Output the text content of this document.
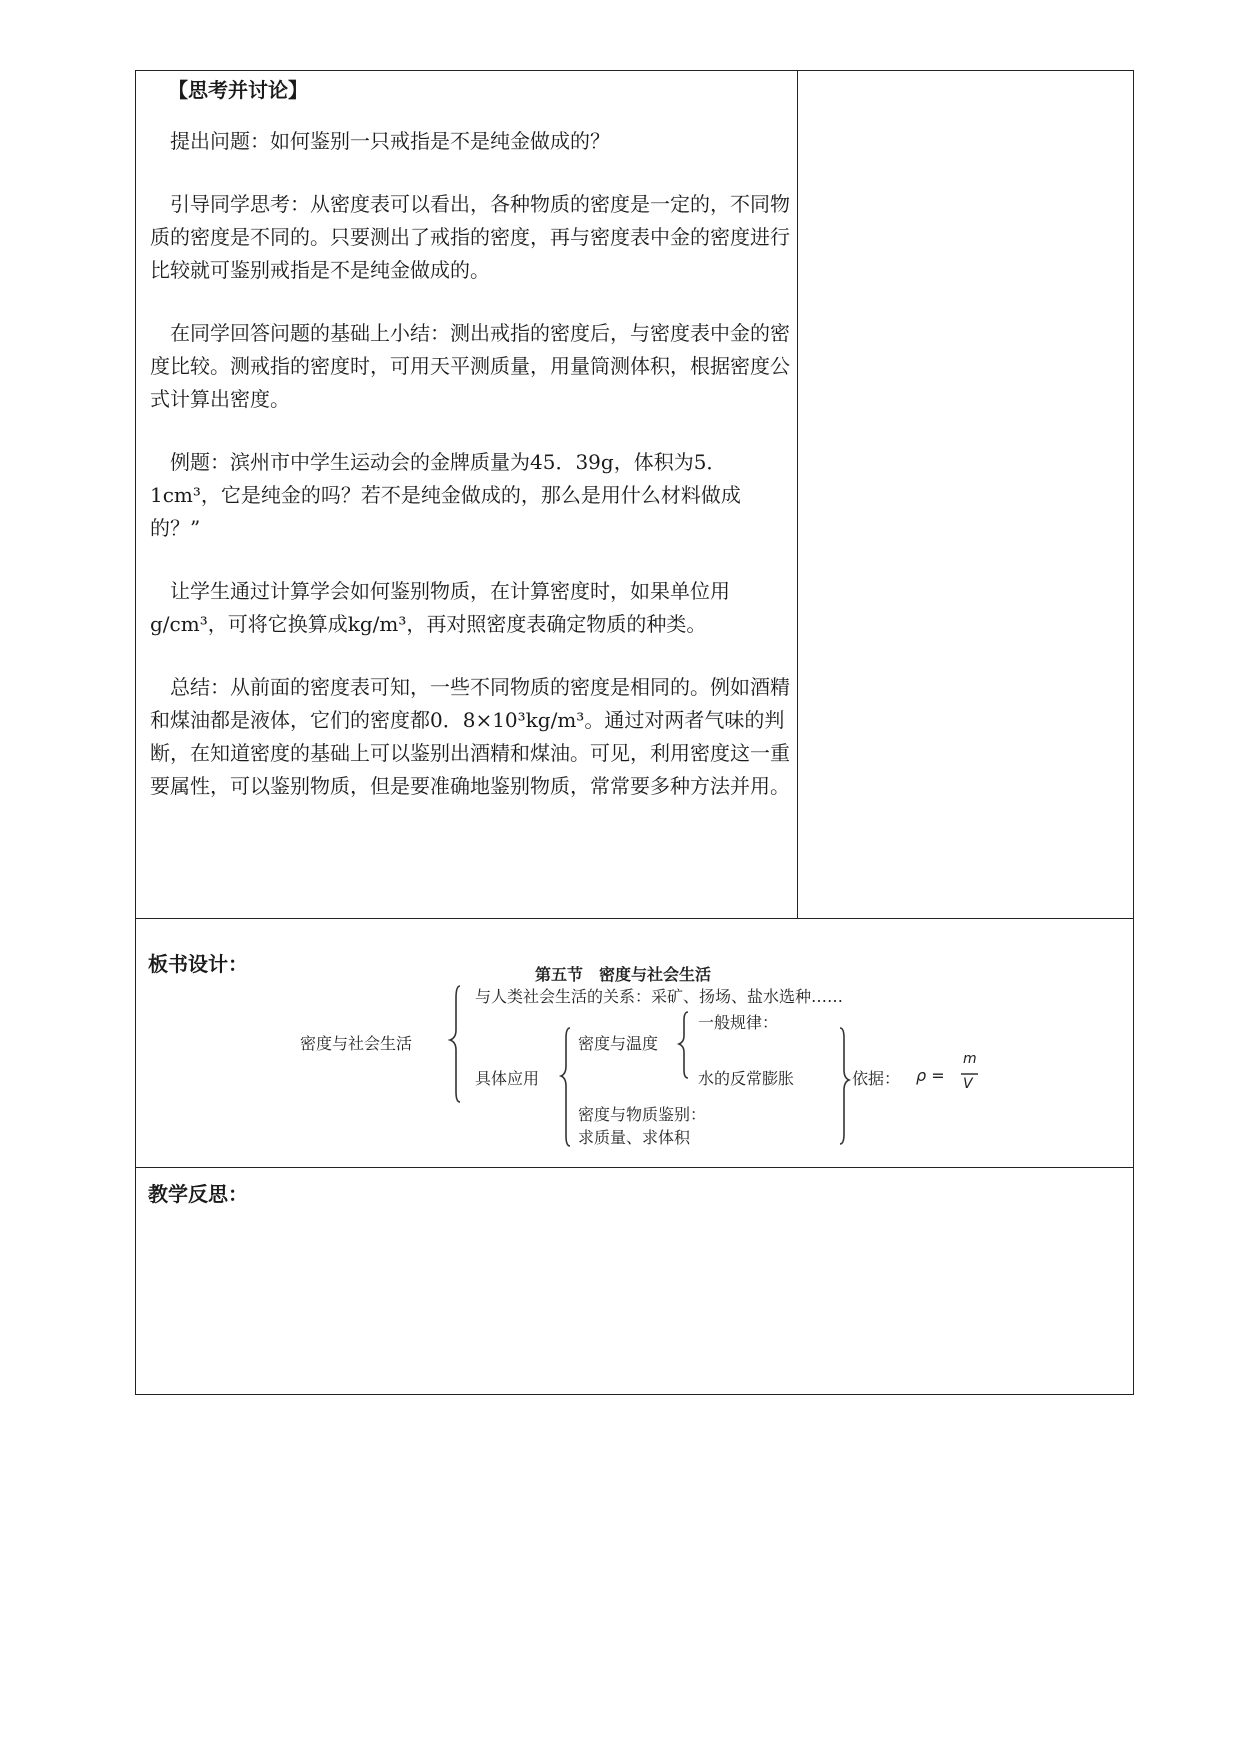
【思考并讨论】

提出问题：如何鉴别一只戒指是不是纯金做成的？

引导同学思考：从密度表可以看出，各种物质的密度是一定的，不同物质的密度是不同的。只要测出了戒指的密度，再与密度表中金的密度进行比较就可鉴别戒指是不是纯金做成的。

在同学回答问题的基础上小结：测出戒指的密度后，与密度表中金的密度比较。测戒指的密度时，可用天平测质量，用量筒测体积，根据密度公式计算出密度。

例题：滨州市中学生运动会的金牌质量为45．39g，体积为5．1cm³，它是纯金的吗？若不是纯金做成的，那么是用什么材料做成的？”

让学生通过计算学会如何鉴别物质，在计算密度时，如果单位用g/cm³，可将它换算成kg/m³，再对照密度表确定物质的种类。

总结：从前面的密度表可知，一些不同物质的密度是相同的。例如酒精和煤油都是液体，它们的密度都0．8×10³kg/m³。通过对两者气味的判断，在知道密度的基础上可以鉴别出酒精和煤油。可见，利用密度这一重要属性，可以鉴别物质，但是要准确地鉴别物质，常常要多种方法并用。

板书设计：	第五节　密度与社会生活
密度与社会生活
与人类社会生活的关系：采矿、扬场、盐水选种……
具体应用
密度与温度
一般规律：
水的反常膨胀
密度与物质鉴别：
求质量、求体积
依据： ρ =
m
V
教学反思：
